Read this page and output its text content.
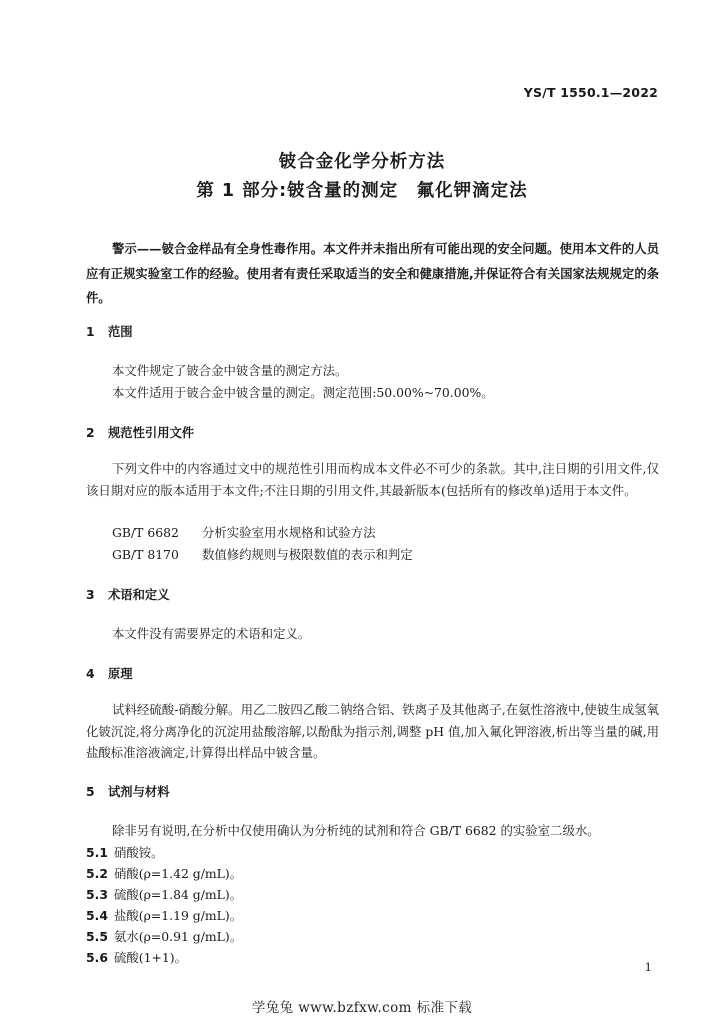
YS/T 1550.1—2022
铍合金化学分析方法
第 1 部分:铍含量的测定　氟化钾滴定法
警示——铍合金样品有全身性毒作用。本文件并未指出所有可能出现的安全问题。使用本文件的人员应有正规实验室工作的经验。使用者有责任采取适当的安全和健康措施,并保证符合有关国家法规规定的条件。
1 范围
本文件规定了铍合金中铍含量的测定方法。
本文件适用于铍合金中铍含量的测定。测定范围:50.00%~70.00%。
2 规范性引用文件
下列文件中的内容通过文中的规范性引用而构成本文件必不可少的条款。其中,注日期的引用文件,仅该日期对应的版本适用于本文件;不注日期的引用文件,其最新版本(包括所有的修改单)适用于本文件。
GB/T 6682 分析实验室用水规格和试验方法
GB/T 8170 数值修约规则与极限数值的表示和判定
3 术语和定义
本文件没有需要界定的术语和定义。
4 原理
试料经硫酸-硝酸分解。用乙二胺四乙酸二钠络合铝、铁离子及其他离子,在氨性溶液中,使铍生成氢氧化铍沉淀,将分离净化的沉淀用盐酸溶解,以酚酞为指示剂,调整 pH 值,加入氟化钾溶液,析出等当量的碱,用盐酸标准溶液滴定,计算得出样品中铍含量。
5 试剂与材料
除非另有说明,在分析中仅使用确认为分析纯的试剂和符合 GB/T 6682 的实验室二级水。
5.1 硝酸铵。
5.2 硝酸(ρ=1.42 g/mL)。
5.3 硫酸(ρ=1.84 g/mL)。
5.4 盐酸(ρ=1.19 g/mL)。
5.5 氨水(ρ=0.91 g/mL)。
5.6 硫酸(1+1)。
1
学兔兔 www.bzfxw.com 标准下载
